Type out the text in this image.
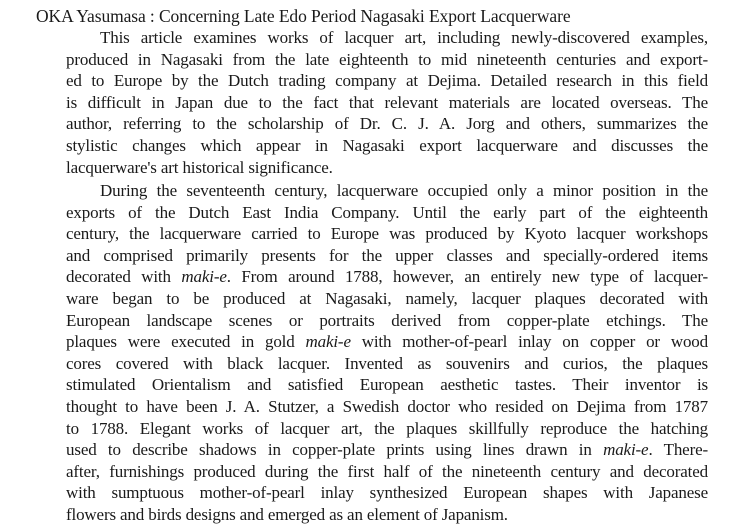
OKA Yasumasa : Concerning Late Edo Period Nagasaki Export Lacquerware
This article examines works of lacquer art, including newly-discovered examples,
produced in Nagasaki from the late eighteenth to mid nineteenth centuries and export-
ed to Europe by the Dutch trading company at Dejima. Detailed research in this field
is difficult in Japan due to the fact that relevant materials are located overseas. The
author, referring to the scholarship of Dr. C. J. A. Jorg and others, summarizes the
stylistic changes which appear in Nagasaki export lacquerware and discusses the
lacquerware's art historical significance.
During the seventeenth century, lacquerware occupied only a minor position in the
exports of the Dutch East India Company. Until the early part of the eighteenth
century, the lacquerware carried to Europe was produced by Kyoto lacquer workshops
and comprised primarily presents for the upper classes and specially-ordered items
decorated with maki-e. From around 1788, however, an entirely new type of lacquer-
ware began to be produced at Nagasaki, namely, lacquer plaques decorated with
European landscape scenes or portraits derived from copper-plate etchings. The
plaques were executed in gold maki-e with mother-of-pearl inlay on copper or wood
cores covered with black lacquer. Invented as souvenirs and curios, the plaques
stimulated Orientalism and satisfied European aesthetic tastes. Their inventor is
thought to have been J. A. Stutzer, a Swedish doctor who resided on Dejima from 1787
to 1788. Elegant works of lacquer art, the plaques skillfully reproduce the hatching
used to describe shadows in copper-plate prints using lines drawn in maki-e. There-
after, furnishings produced during the first half of the nineteenth century and decorated
with sumptuous mother-of-pearl inlay synthesized European shapes with Japanese
flowers and birds designs and emerged as an element of Japanism.
